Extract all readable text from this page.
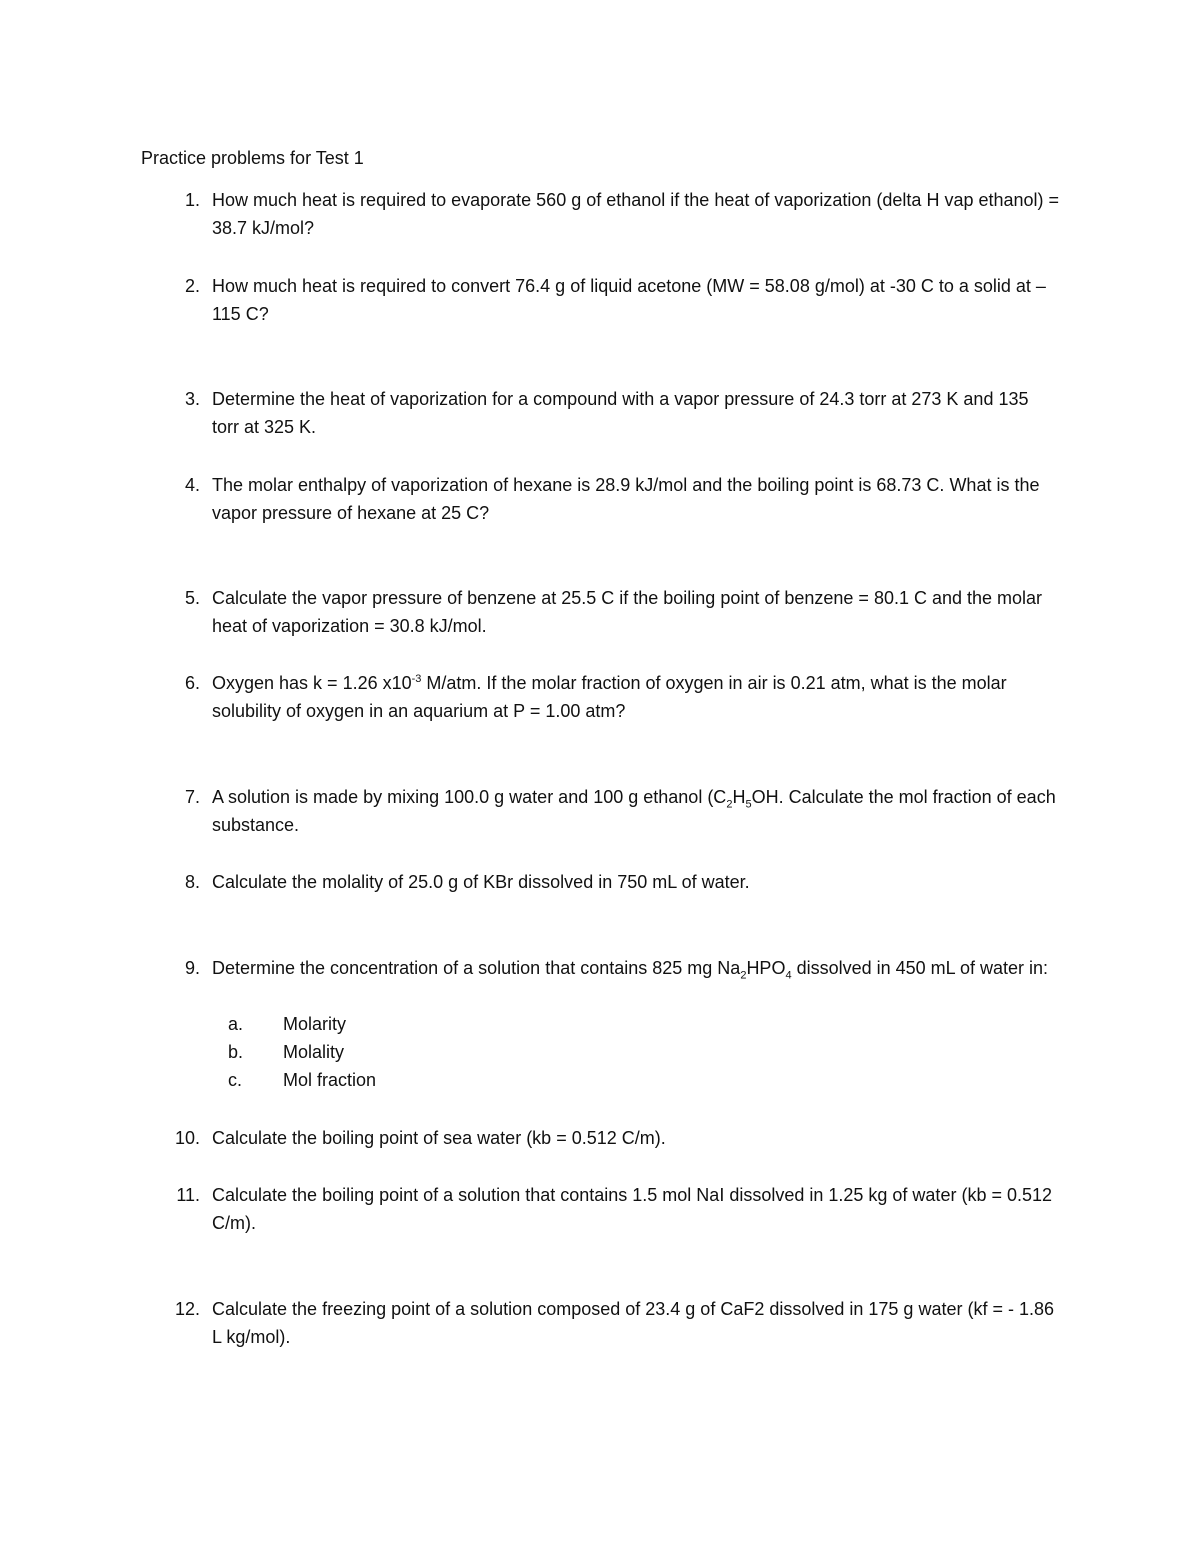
Practice problems for Test 1
1. How much heat is required to evaporate 560 g of ethanol if the heat of vaporization (delta H vap ethanol) = 38.7 kJ/mol?
2. How much heat is required to convert 76.4 g of liquid acetone (MW = 58.08 g/mol) at -30 C to a solid at – 115 C?
3. Determine the heat of vaporization for a compound with a vapor pressure of 24.3 torr at 273 K and 135 torr at 325 K.
4. The molar enthalpy of vaporization of hexane is 28.9 kJ/mol and the boiling point is 68.73 C. What is the vapor pressure of hexane at 25 C?
5. Calculate the vapor pressure of benzene at 25.5 C if the boiling point of benzene = 80.1 C and the molar heat of vaporization = 30.8 kJ/mol.
6. Oxygen has k = 1.26 $x10^{-3}$ M/atm. If the molar fraction of oxygen in air is 0.21 atm, what is the molar solubility of oxygen in an aquarium at P = 1.00 atm?
7. A solution is made by mixing 100.0 g water and 100 g ethanol ($C_2H_5OH$. Calculate the mol fraction of each substance.
8. Calculate the molality of 25.0 g of KBr dissolved in 750 mL of water.
9. Determine the concentration of a solution that contains 825 mg $Na_2HPO_4$ dissolved in 450 mL of water in:
a.	Molarity
b.	Molality
c.	Mol fraction
10. Calculate the boiling point of sea water (kb = 0.512 C/m).
11. Calculate the boiling point of a solution that contains 1.5 mol NaI dissolved in 1.25 kg of water (kb = 0.512 C/m).
12. Calculate the freezing point of a solution composed of 23.4 g of CaF2 dissolved in 175 g water (kf = - 1.86 L kg/mol).
